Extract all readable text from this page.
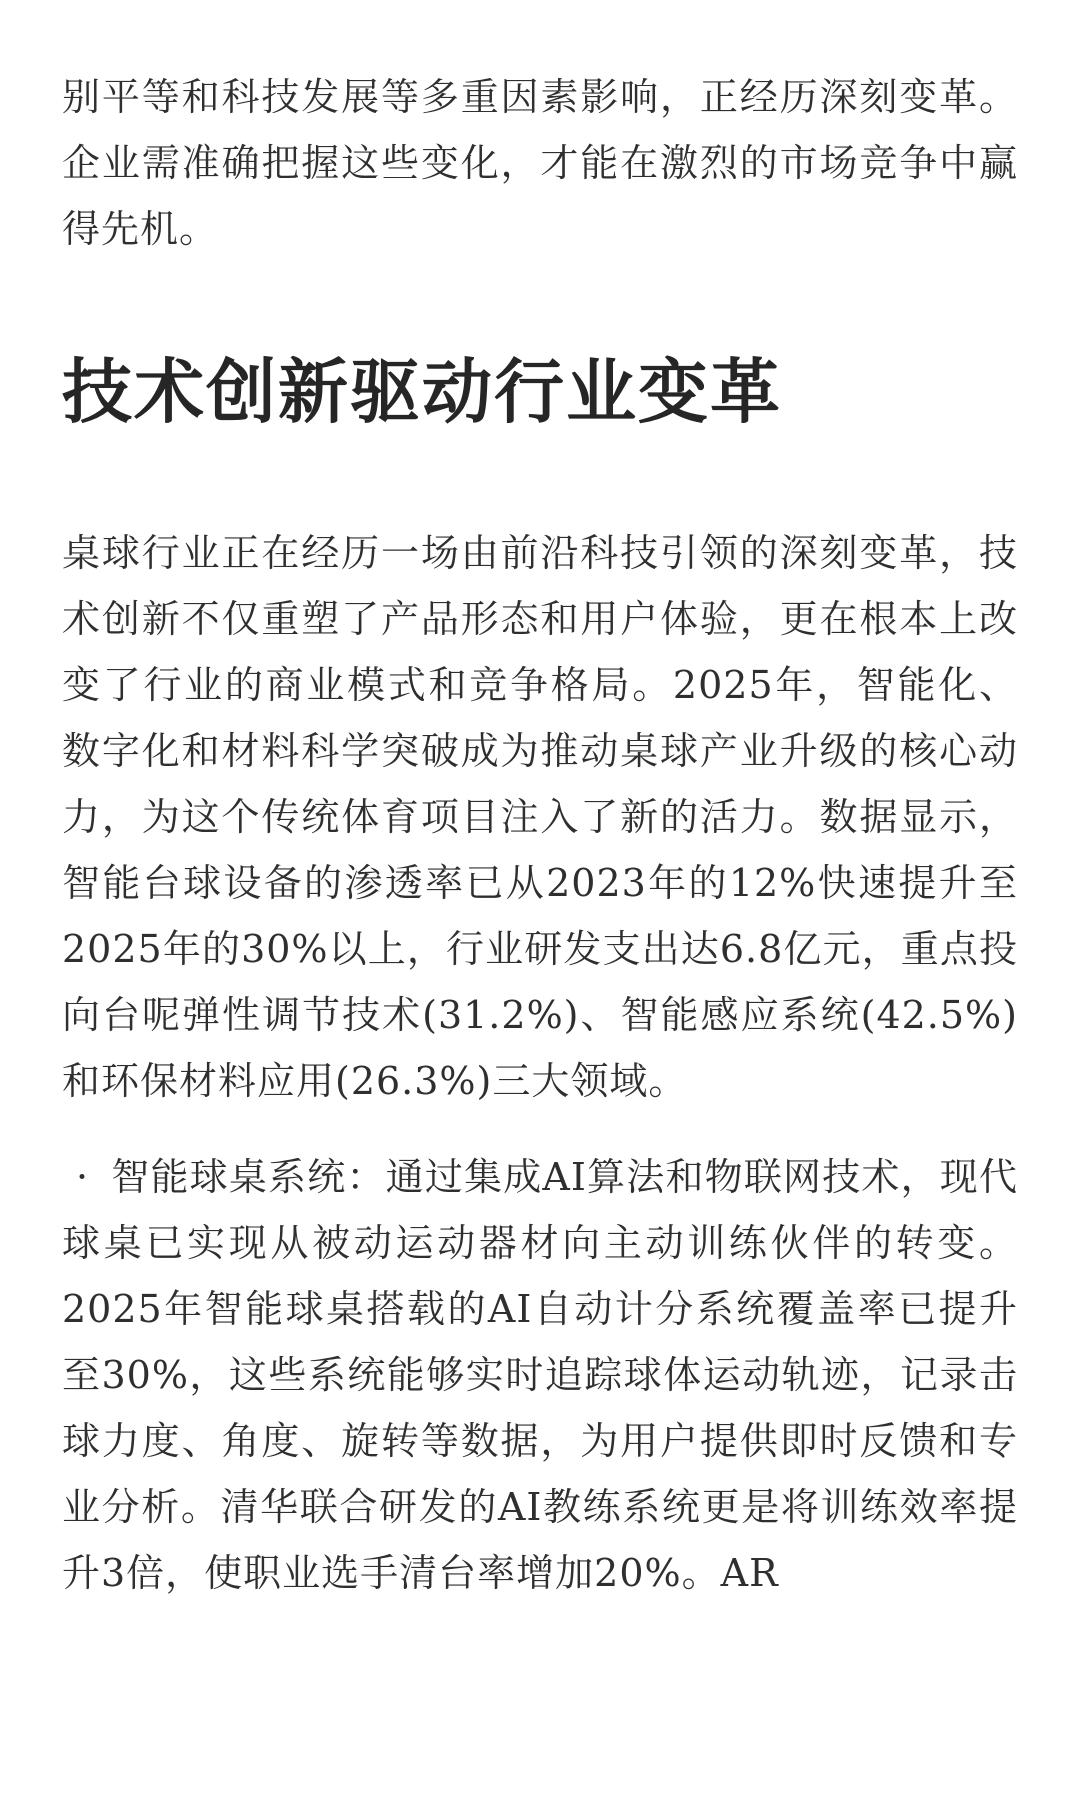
别平等和科技发展等多重因素影响，正经历深刻变革。企业需准确把握这些变化，才能在激烈的市场竞争中赢得先机。

技术创新驱动行业变革

桌球行业正在经历一场由前沿科技引领的深刻变革，技术创新不仅重塑了产品形态和用户体验，更在根本上改变了行业的商业模式和竞争格局。2025年，智能化、数字化和材料科学突破成为推动桌球产业升级的核心动力，为这个传统体育项目注入了新的活力。数据显示，智能台球设备的渗透率已从2023年的12%快速提升至2025年的30%以上，行业研发支出达6.8亿元，重点投向台呢弹性调节技术(31.2%)、智能感应系统(42.5%)和环保材料应用(26.3%)三大领域。

· 智能球桌系统：通过集成AI算法和物联网技术，现代球桌已实现从被动运动器材向主动训练伙伴的转变。2025年智能球桌搭载的AI自动计分系统覆盖率已提升至30%，这些系统能够实时追踪球体运动轨迹，记录击球力度、角度、旋转等数据，为用户提供即时反馈和专业分析。清华联合研发的AI教练系统更是将训练效率提升3倍，使职业选手清台率增加20%。AR
